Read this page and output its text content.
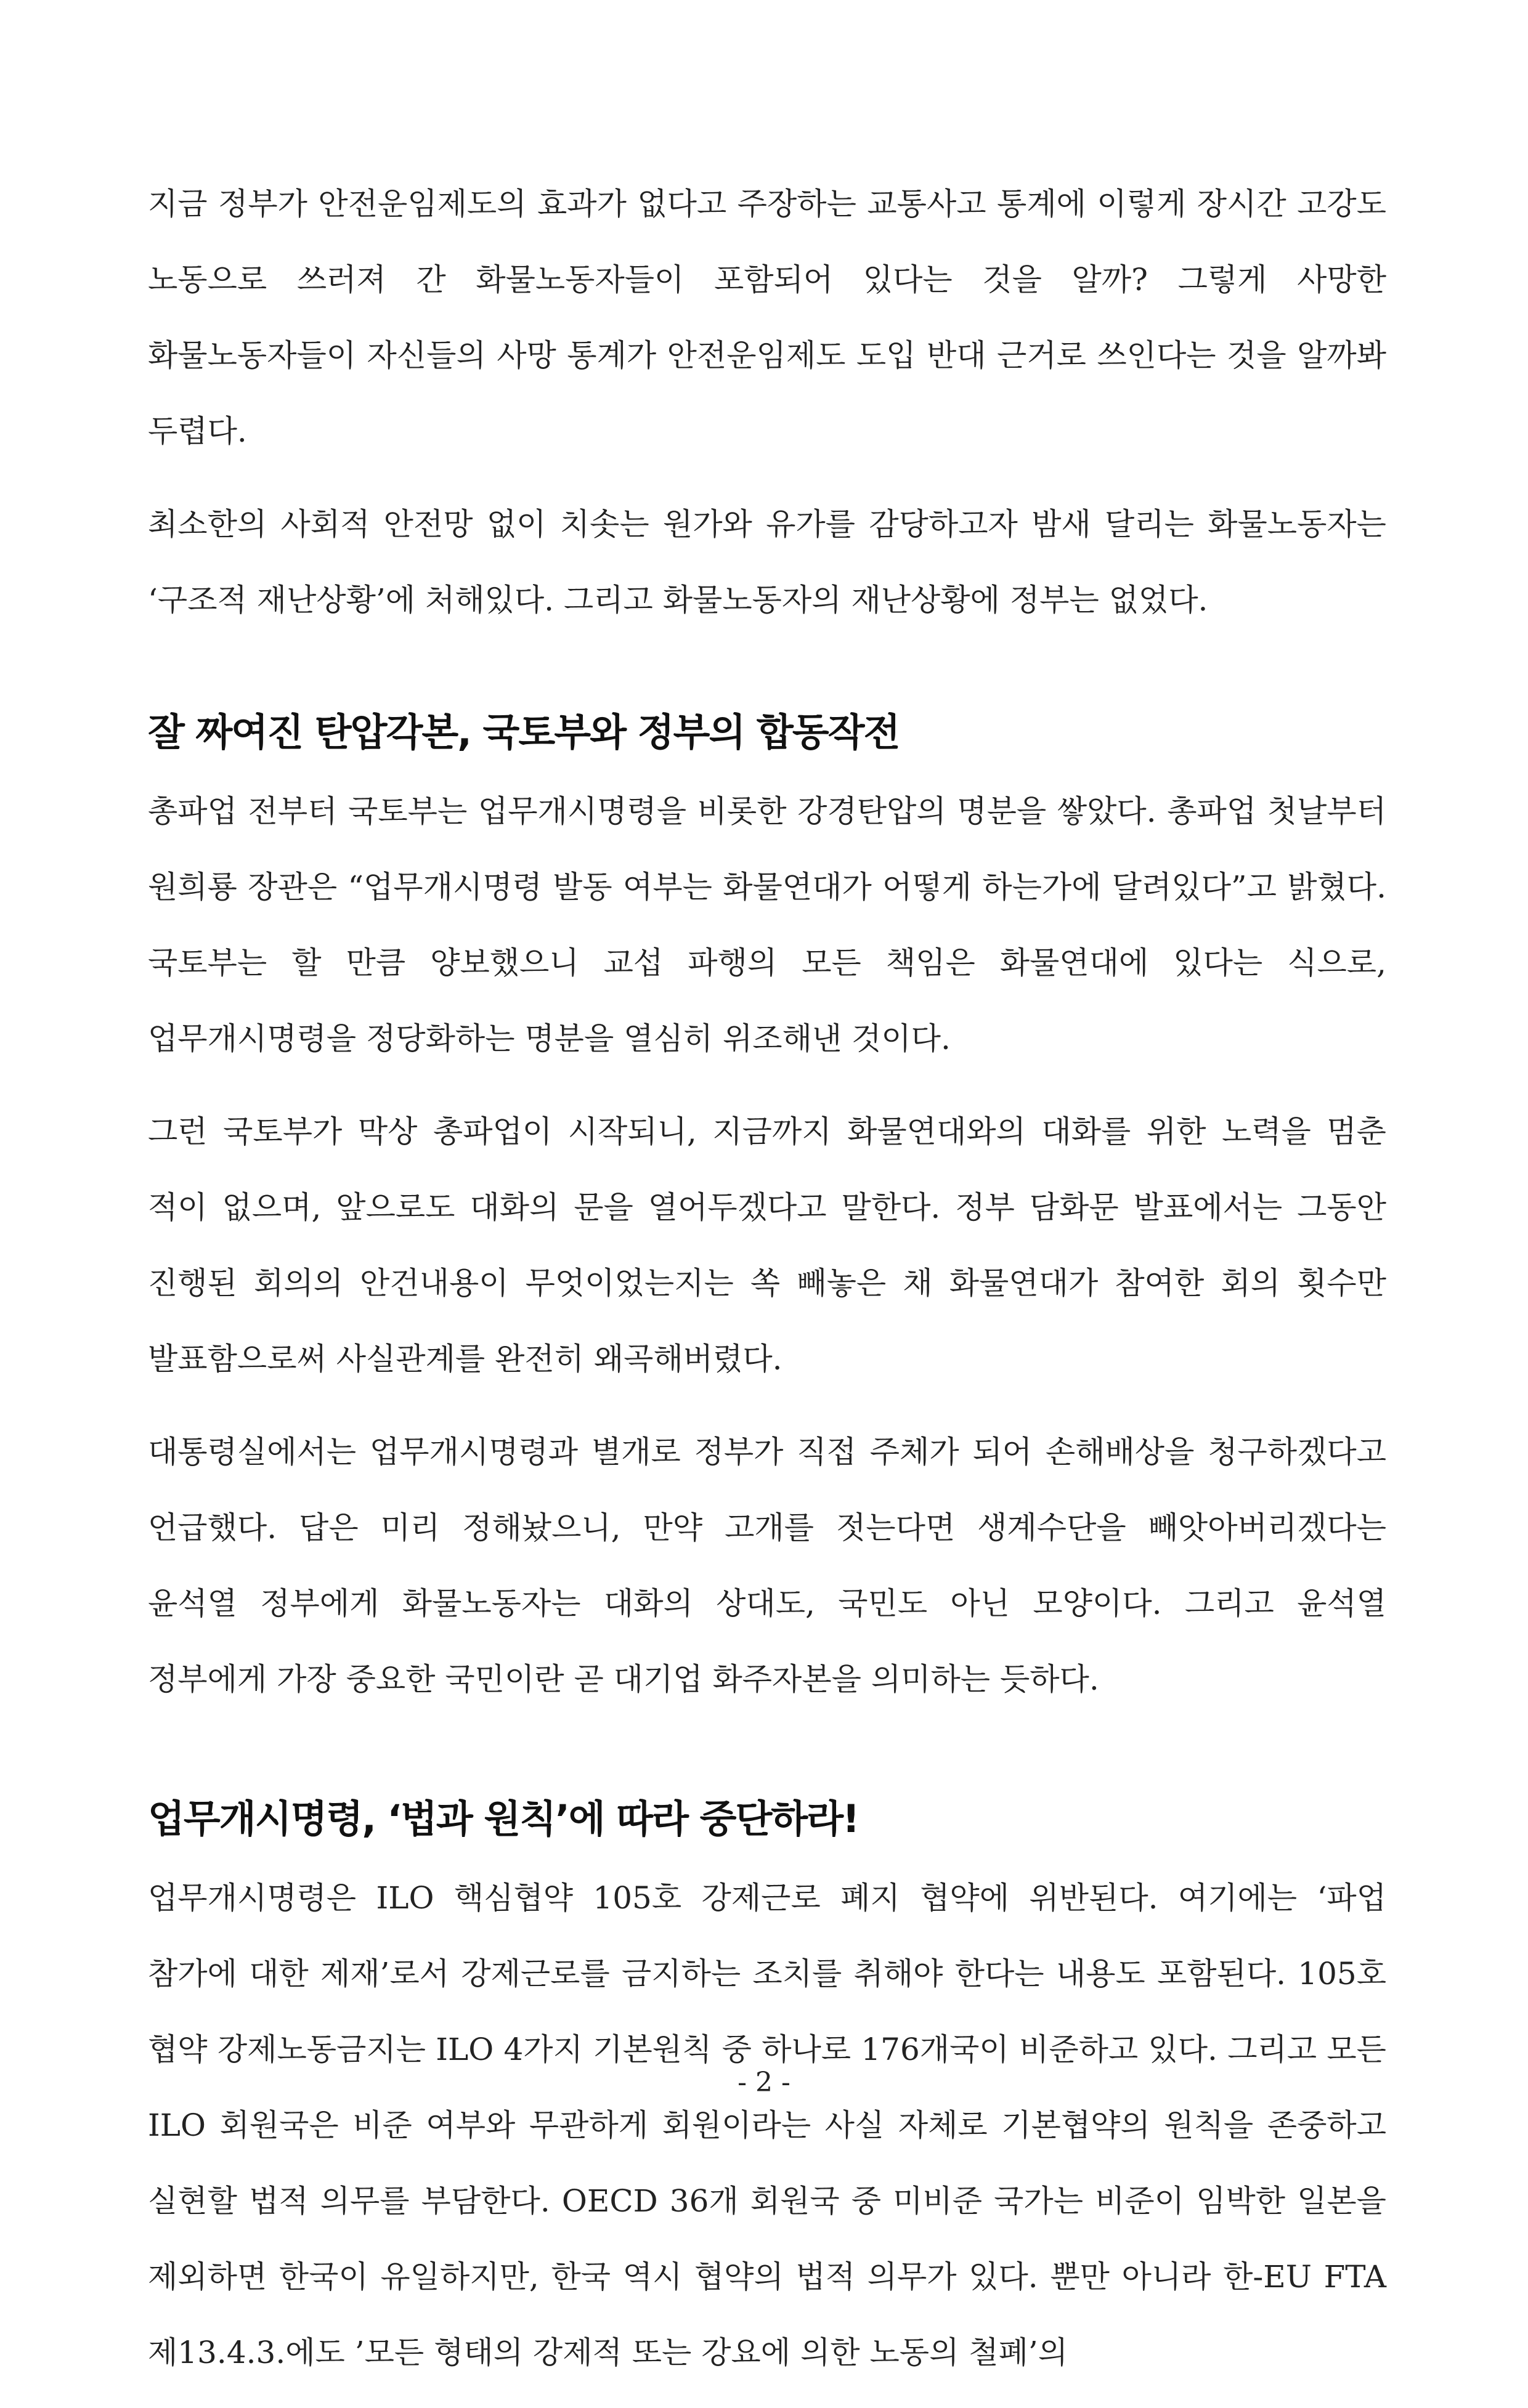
지금 정부가 안전운임제도의 효과가 없다고 주장하는 교통사고 통계에 이렇게 장시간 고강도 노동으로 쓰러져 간 화물노동자들이 포함되어 있다는 것을 알까? 그렇게 사망한 화물노동자들이 자신들의 사망 통계가 안전운임제도 도입 반대 근거로 쓰인다는 것을 알까봐 두렵다.

최소한의 사회적 안전망 없이 치솟는 원가와 유가를 감당하고자 밤새 달리는 화물노동자는 ‘구조적 재난상황’에 처해있다. 그리고 화물노동자의 재난상황에 정부는 없었다.

잘 짜여진 탄압각본, 국토부와 정부의 합동작전

총파업 전부터 국토부는 업무개시명령을 비롯한 강경탄압의 명분을 쌓았다. 총파업 첫날부터 원희룡 장관은 “업무개시명령 발동 여부는 화물연대가 어떻게 하는가에 달려있다”고 밝혔다. 국토부는 할 만큼 양보했으니 교섭 파행의 모든 책임은 화물연대에 있다는 식으로, 업무개시명령을 정당화하는 명분을 열심히 위조해낸 것이다.

그런 국토부가 막상 총파업이 시작되니, 지금까지 화물연대와의 대화를 위한 노력을 멈춘 적이 없으며, 앞으로도 대화의 문을 열어두겠다고 말한다. 정부 담화문 발표에서는 그동안 진행된 회의의 안건내용이 무엇이었는지는 쏙 빼놓은 채 화물연대가 참여한 회의 횟수만 발표함으로써 사실관계를 완전히 왜곡해버렸다.

대통령실에서는 업무개시명령과 별개로 정부가 직접 주체가 되어 손해배상을 청구하겠다고 언급했다. 답은 미리 정해놨으니, 만약 고개를 젓는다면 생계수단을 빼앗아버리겠다는 윤석열 정부에게 화물노동자는 대화의 상대도, 국민도 아닌 모양이다. 그리고 윤석열 정부에게 가장 중요한 국민이란 곧 대기업 화주자본을 의미하는 듯하다.

업무개시명령, ‘법과 원칙’에 따라 중단하라!

업무개시명령은 ILO 핵심협약 105호 강제근로 폐지 협약에 위반된다. 여기에는 ‘파업 참가에 대한 제재’로서 강제근로를 금지하는 조치를 취해야 한다는 내용도 포함된다. 105호 협약 강제노동금지는 ILO 4가지 기본원칙 중 하나로 176개국이 비준하고 있다. 그리고 모든 ILO 회원국은 비준 여부와 무관하게 회원이라는 사실 자체로 기본협약의 원칙을 존중하고 실현할 법적 의무를 부담한다. OECD 36개 회원국 중 미비준 국가는 비준이 임박한 일본을 제외하면 한국이 유일하지만, 한국 역시 협약의 법적 의무가 있다. 뿐만 아니라 한-EU FTA 제13.4.3.에도 ’모든 형태의 강제적 또는 강요에 의한 노동의 철폐’의

- 2 -
